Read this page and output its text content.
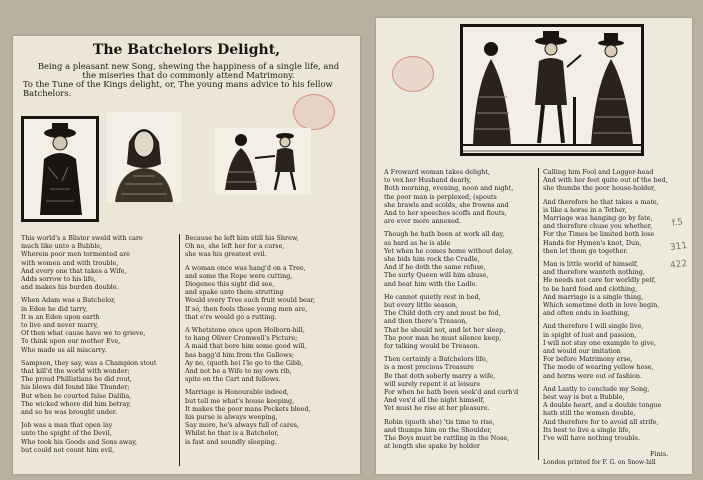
The Batchelors Delight,
Being a pleasant new Song, shewing the happiness of a single life, and
the miseries that do commonly attend Matrimony.
To the Tune of the Kings delight, or, The young mans advice to his fellow
Batchelors.
This world's a Blister sweld with care
much like unto a Bubble,
Wherein poor men tormented are
with women and with trouble,
And every one that takes a Wife,
Adds sorrow to his life,
and makes his burden double.
When Adam was a Batchelor,
in Eden he did tarry,
It is an Eden upon earth
to live and never marry,
Of then what cause have we to grieve,
To think upon our mother Eve,
Who made us all miscarry.
Sampson, they say, was a Champion stout
that kill'd the world with wonder;
The proud Phillistians he did rout,
his blows did found like Thunder;
But when he courted false Dalilia,
The wicked whore did him betray,
and so he was brought under.
Job was a man that open lay
unto the spight of the Devil,
Who took his Goods and Sons away,
but could not count him evil,
Because he left him still his Shrew,
Oh no, she left her for a curse,
she was his greatest evil.
A woman once was hang'd on a Tree,
and some the Rope were cutting,
Diogenes this sight did see,
and spake unto them strutting
Would every Tree such fruit would bear,
If so, then fools those young men are,
that e're would go a rutting.
A Whetstone once upon Holborn-hill,
to hang Oliver Cromwell's Picture;
A maid that bore him some good will,
has bagg'd him from the Gallows;
Ay no, (quoth he) I'le go to the Gibb,
And not be a Wife to my own rib,
spite on the Cart and fellows.
Marriage is Honourable indeed,
but tell me what's house keeping,
It makes the poor mans Pockets bleed,
his purse is always weeping,
Say more, he's always full of cares,
Whilst he that is a Batchelor,
is fast and soundly sleeping.
A Froward woman takes delight,
to vex her Husband dearly,
Both morning, evening, noon and night,
the poor man is perplexed, (spouts
she brawls and scolds, she frowns and
And to her speeches scoffs and flouts,
are ever more annexed.
Though he hath been at work all day,
as hard as he is able
Yet when he comes home without delay,
she bids him rock the Cradle,
And if he doth the same refuse,
The surly Queen will him abuse,
and beat him with the Ladle.
He cannot quietly rest in bed,
but every little season,
The Child doth cry and must be fed,
and then there's Treason,
That he should not, and let her sleep,
The poor man he must silence keep,
for talking would be Treason.
Then certainly a Batchelors life,
is a most precious Treasure
Be that doth soberly marry a wife,
will surely repent it at leisure
For when he hath been seek'd and curb'd
And vex'd all the night himself,
Yet must he rise at her pleasure.
Robin (quoth she) 'tis time to rise,
and thumps him on the Shoulder,
The Boys must be rattling in the Nose,
at length she spake by holder
Calling him Fool and Logger-head
And with her feet quite out of the bed,
she thumbs the poor house-holder,
And therefore he that takes a mate,
is like a horse in a Tether,
Marriage was hanging go by fate,
and therefore chuse you whether,
For the Times be limited both lose
Hands for Hymen's knot, Dun,
then let them go together.
Man is little world of himself,
and therefore wanteth nothing,
He needs not care for worldly pelf,
to be hard food and clothing,
And marriage is a single thing,
Which sometime doth in love begin,
and often ends in loathing,
And therefore I will single live,
in spight of lust and passion,
I will not stay one example to give,
and would our imitation
For before Matrimony erse,
The mode of wearing yellow hose,
and horns were out of fashion.
And Lastly to conclude my Song,
best way is but a Bubble,
A double heart, and a double tongue
hath still the women double,
And therefore for to avoid all strife,
Its best to live a single life,
I've will have nothing trouble.
Finis.
London printed for F. G. on Snow-hill
f.5
311
422
